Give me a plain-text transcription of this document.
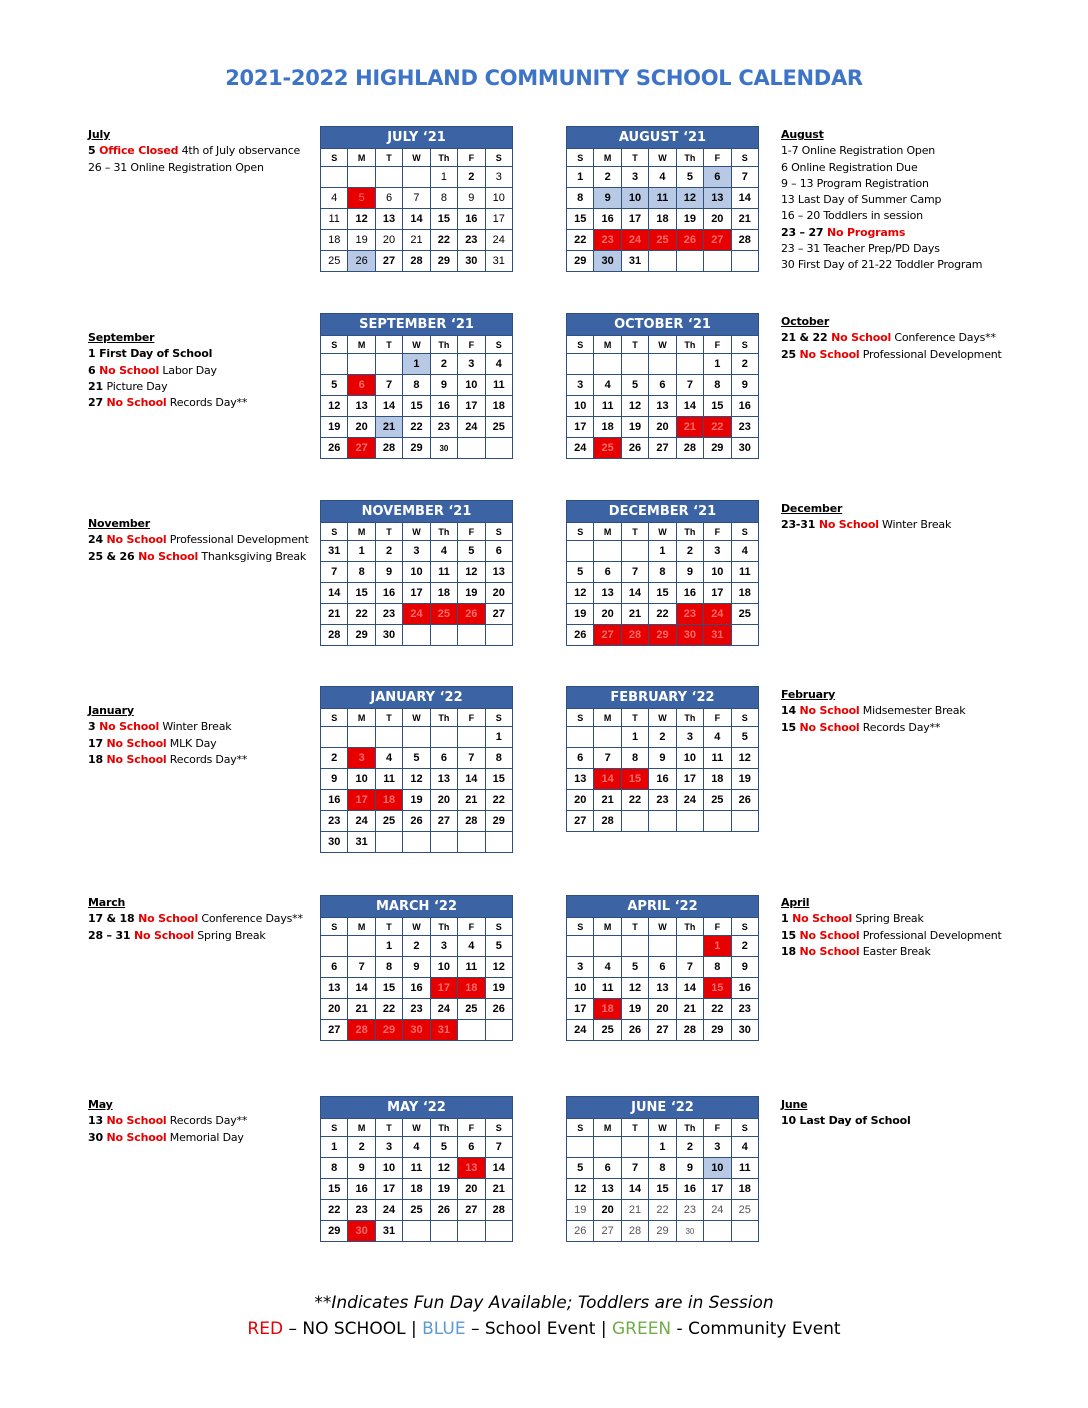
2021-2022 HIGHLAND COMMUNITY SCHOOL CALENDAR
JULY ‘21						
S	M	T	W	Th	F	S
				1	2	3
4	5	6	7	8	9	10
11	12	13	14	15	16	17
18	19	20	21	22	23	24
25	26	27	28	29	30	31
AUGUST ‘21						
S	M	T	W	Th	F	S
1	2	3	4	5	6	7
8	9	10	11	12	13	14
15	16	17	18	19	20	21
22	23	24	25	26	27	28
29	30	31				
SEPTEMBER ‘21						
S	M	T	W	Th	F	S
			1	2	3	4
5	6	7	8	9	10	11
12	13	14	15	16	17	18
19	20	21	22	23	24	25
26	27	28	29	30		
OCTOBER ‘21						
S	M	T	W	Th	F	S
					1	2
3	4	5	6	7	8	9
10	11	12	13	14	15	16
17	18	19	20	21	22	23
24	25	26	27	28	29	30
NOVEMBER ‘21						
S	M	T	W	Th	F	S
31	1	2	3	4	5	6
7	8	9	10	11	12	13
14	15	16	17	18	19	20
21	22	23	24	25	26	27
28	29	30				
DECEMBER ‘21						
S	M	T	W	Th	F	S
			1	2	3	4
5	6	7	8	9	10	11
12	13	14	15	16	17	18
19	20	21	22	23	24	25
26	27	28	29	30	31	
JANUARY ‘22						
S	M	T	W	Th	F	S
						1
2	3	4	5	6	7	8
9	10	11	12	13	14	15
16	17	18	19	20	21	22
23	24	25	26	27	28	29
30	31					
FEBRUARY ‘22						
S	M	T	W	Th	F	S
		1	2	3	4	5
6	7	8	9	10	11	12
13	14	15	16	17	18	19
20	21	22	23	24	25	26
27	28					
MARCH ‘22						
S	M	T	W	Th	F	S
		1	2	3	4	5
6	7	8	9	10	11	12
13	14	15	16	17	18	19
20	21	22	23	24	25	26
27	28	29	30	31		
APRIL ‘22						
S	M	T	W	Th	F	S
					1	2
3	4	5	6	7	8	9
10	11	12	13	14	15	16
17	18	19	20	21	22	23
24	25	26	27	28	29	30
MAY ‘22						
S	M	T	W	Th	F	S
1	2	3	4	5	6	7
8	9	10	11	12	13	14
15	16	17	18	19	20	21
22	23	24	25	26	27	28
29	30	31				
JUNE ‘22						
S	M	T	W	Th	F	S
			1	2	3	4
5	6	7	8	9	10	11
12	13	14	15	16	17	18
19	20	21	22	23	24	25
26	27	28	29	30		
July
5 Office Closed 4th of July observance
26 – 31 Online Registration Open
August
1-7 Online Registration Open
6 Online Registration Due
9 – 13 Program Registration
13 Last Day of Summer Camp
16 – 20 Toddlers in session
23 – 27 No Programs
23 – 31 Teacher Prep/PD Days
30 First Day of 21-22 Toddler Program
September
1 First Day of School
6 No School Labor Day
21 Picture Day
27 No School Records Day**
October
21 & 22 No School Conference Days**
25 No School Professional Development
November
24 No School Professional Development
25 & 26 No School Thanksgiving Break
December
23-31 No School Winter Break
January
3 No School Winter Break
17 No School MLK Day
18 No School Records Day**
February
14 No School Midsemester Break
15 No School Records Day**
March
17 & 18 No School Conference Days**
28 – 31 No School Spring Break
April
1 No School Spring Break
15 No School Professional Development
18 No School Easter Break
May
13 No School Records Day**
30 No School Memorial Day
June
10 Last Day of School
**Indicates Fun Day Available; Toddlers are in Session
RED – NO SCHOOL | BLUE – School Event | GREEN - Community Event
